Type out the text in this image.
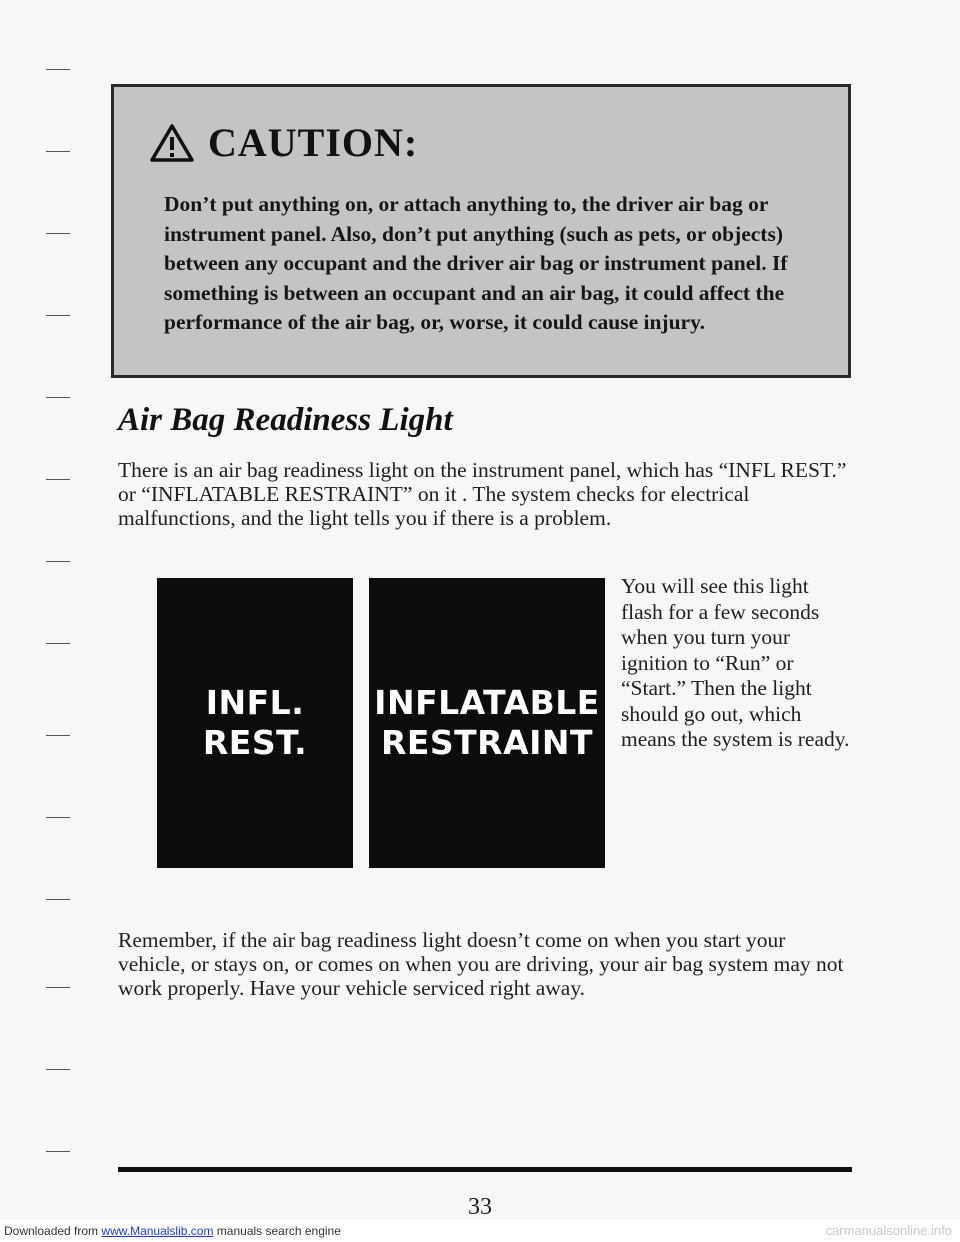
CAUTION:

Don’t put anything on, or attach anything to, the driver air bag or instrument panel. Also, don’t put anything (such as pets, or objects) between any occupant and the driver air bag or instrument panel. If something is between an occupant and an air bag, it could affect the performance of the air bag, or, worse, it could cause injury.

Air Bag Readiness Light

There is an air bag readiness light on the instrument panel, which has “INFL REST.” or “INFLATABLE RESTRAINT” on it . The system checks for electrical malfunctions, and the light tells you if there is a problem.

INFL.
REST.
INFLATABLE
RESTRAINT

You will see this light flash for a few seconds when you turn your ignition to “Run” or “Start.” Then the light should go out, which means the system is ready.

Remember, if the air bag readiness light doesn’t come on when you start your vehicle, or stays on, or comes on when you are driving, your air bag system may not work properly. Have your vehicle serviced right away.

33

Downloaded from www.Manualslib.com manuals search engine	carmanualsonline.info
